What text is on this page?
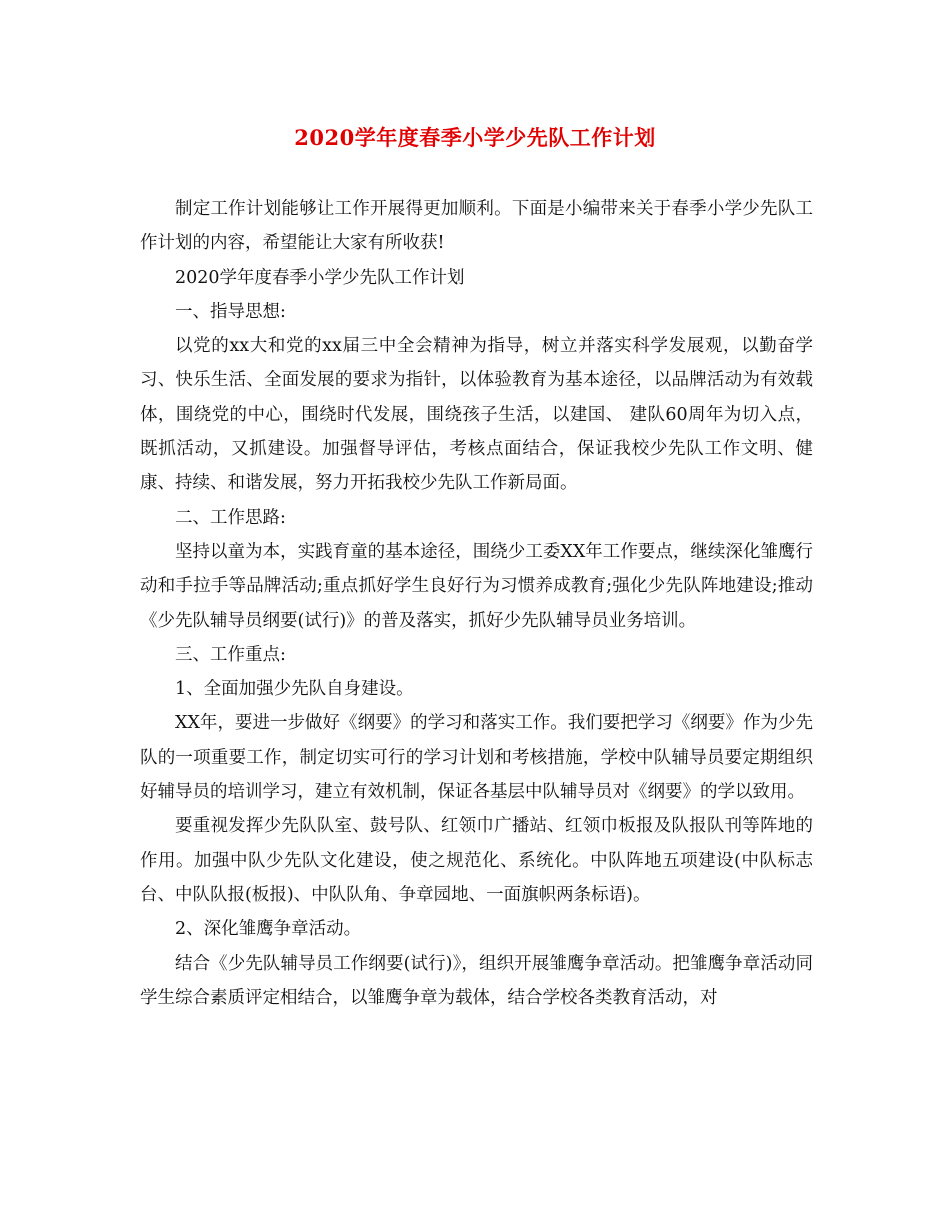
2020学年度春季小学少先队工作计划

制定工作计划能够让工作开展得更加顺利。下面是小编带来关于春季小学少先队工作计划的内容，希望能让大家有所收获!

2020学年度春季小学少先队工作计划

一、指导思想:

以党的xx大和党的xx届三中全会精神为指导，树立并落实科学发展观，以勤奋学习、快乐生活、全面发展的要求为指针，以体验教育为基本途径，以品牌活动为有效载体，围绕党的中心，围绕时代发展，围绕孩子生活，以建国、 建队60周年为切入点，既抓活动，又抓建设。加强督导评估，考核点面结合，保证我校少先队工作文明、健康、持续、和谐发展，努力开拓我校少先队工作新局面。

二、工作思路:

坚持以童为本，实践育童的基本途径，围绕少工委XX年工作要点，继续深化雏鹰行动和手拉手等品牌活动;重点抓好学生良好行为习惯养成教育;强化少先队阵地建设;推动《少先队辅导员纲要(试行)》的普及落实，抓好少先队辅导员业务培训。

三、工作重点:

1、全面加强少先队自身建设。

XX年，要进一步做好《纲要》的学习和落实工作。我们要把学习《纲要》作为少先队的一项重要工作，制定切实可行的学习计划和考核措施，学校中队辅导员要定期组织好辅导员的培训学习，建立有效机制，保证各基层中队辅导员对《纲要》的学以致用。

要重视发挥少先队队室、鼓号队、红领巾广播站、红领巾板报及队报队刊等阵地的作用。加强中队少先队文化建设，使之规范化、系统化。中队阵地五项建设(中队标志台、中队队报(板报)、中队队角、争章园地、一面旗帜两条标语)。

2、深化雏鹰争章活动。

结合《少先队辅导员工作纲要(试行)》，组织开展雏鹰争章活动。把雏鹰争章活动同学生综合素质评定相结合，以雏鹰争章为载体，结合学校各类教育活动，对
